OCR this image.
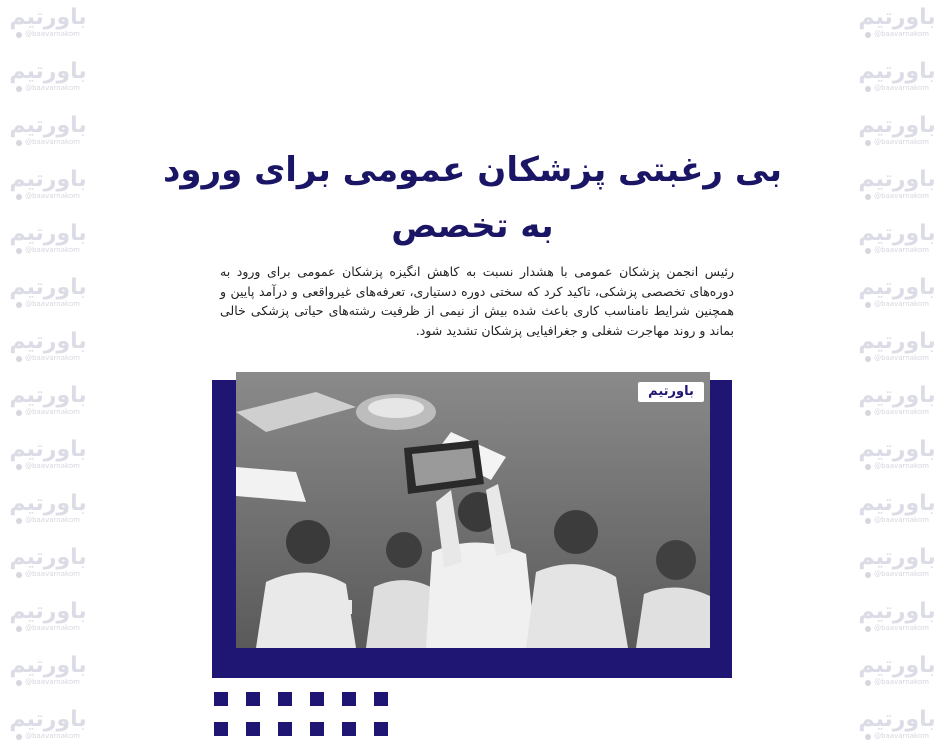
باورتیم
@baavarnakom
باورتیم
@baavarnakom
باورتیم
@baavarnakom
باورتیم
@baavarnakom
باورتیم
@baavarnakom
باورتیم
@baavarnakom
باورتیم
@baavarnakom
باورتیم
@baavarnakom
باورتیم
@baavarnakom
باورتیم
@baavarnakom
باورتیم
@baavarnakom
باورتیم
@baavarnakom
باورتیم
@baavarnakom
باورتیم
@baavarnakom
باورتیم
@baavarnakom
باورتیم
@baavarnakom
باورتیم
@baavarnakom
باورتیم
@baavarnakom
باورتیم
@baavarnakom
باورتیم
@baavarnakom
باورتیم
@baavarnakom
باورتیم
@baavarnakom
باورتیم
@baavarnakom
باورتیم
@baavarnakom
باورتیم
@baavarnakom
باورتیم
@baavarnakom
باورتیم
@baavarnakom
باورتیم
@baavarnakom
بی رغبتی پزشکان عمومی برای ورود به تخصص
رئیس انجمن پزشکان عمومی با هشدار نسبت به کاهش انگیزه پزشکان عمومی برای ورود به دوره‌های تخصصی پزشکی، تاکید کرد که سختی دوره دستیاری، تعرفه‌های غیرواقعی و درآمد پایین و همچنین شرایط نامناسب کاری باعث شده بیش از نیمی از ظرفیت رشته‌های حیاتی پزشکی خالی بماند و روند مهاجرت شغلی و جغرافیایی پزشکان تشدید شود.
باورتیم
